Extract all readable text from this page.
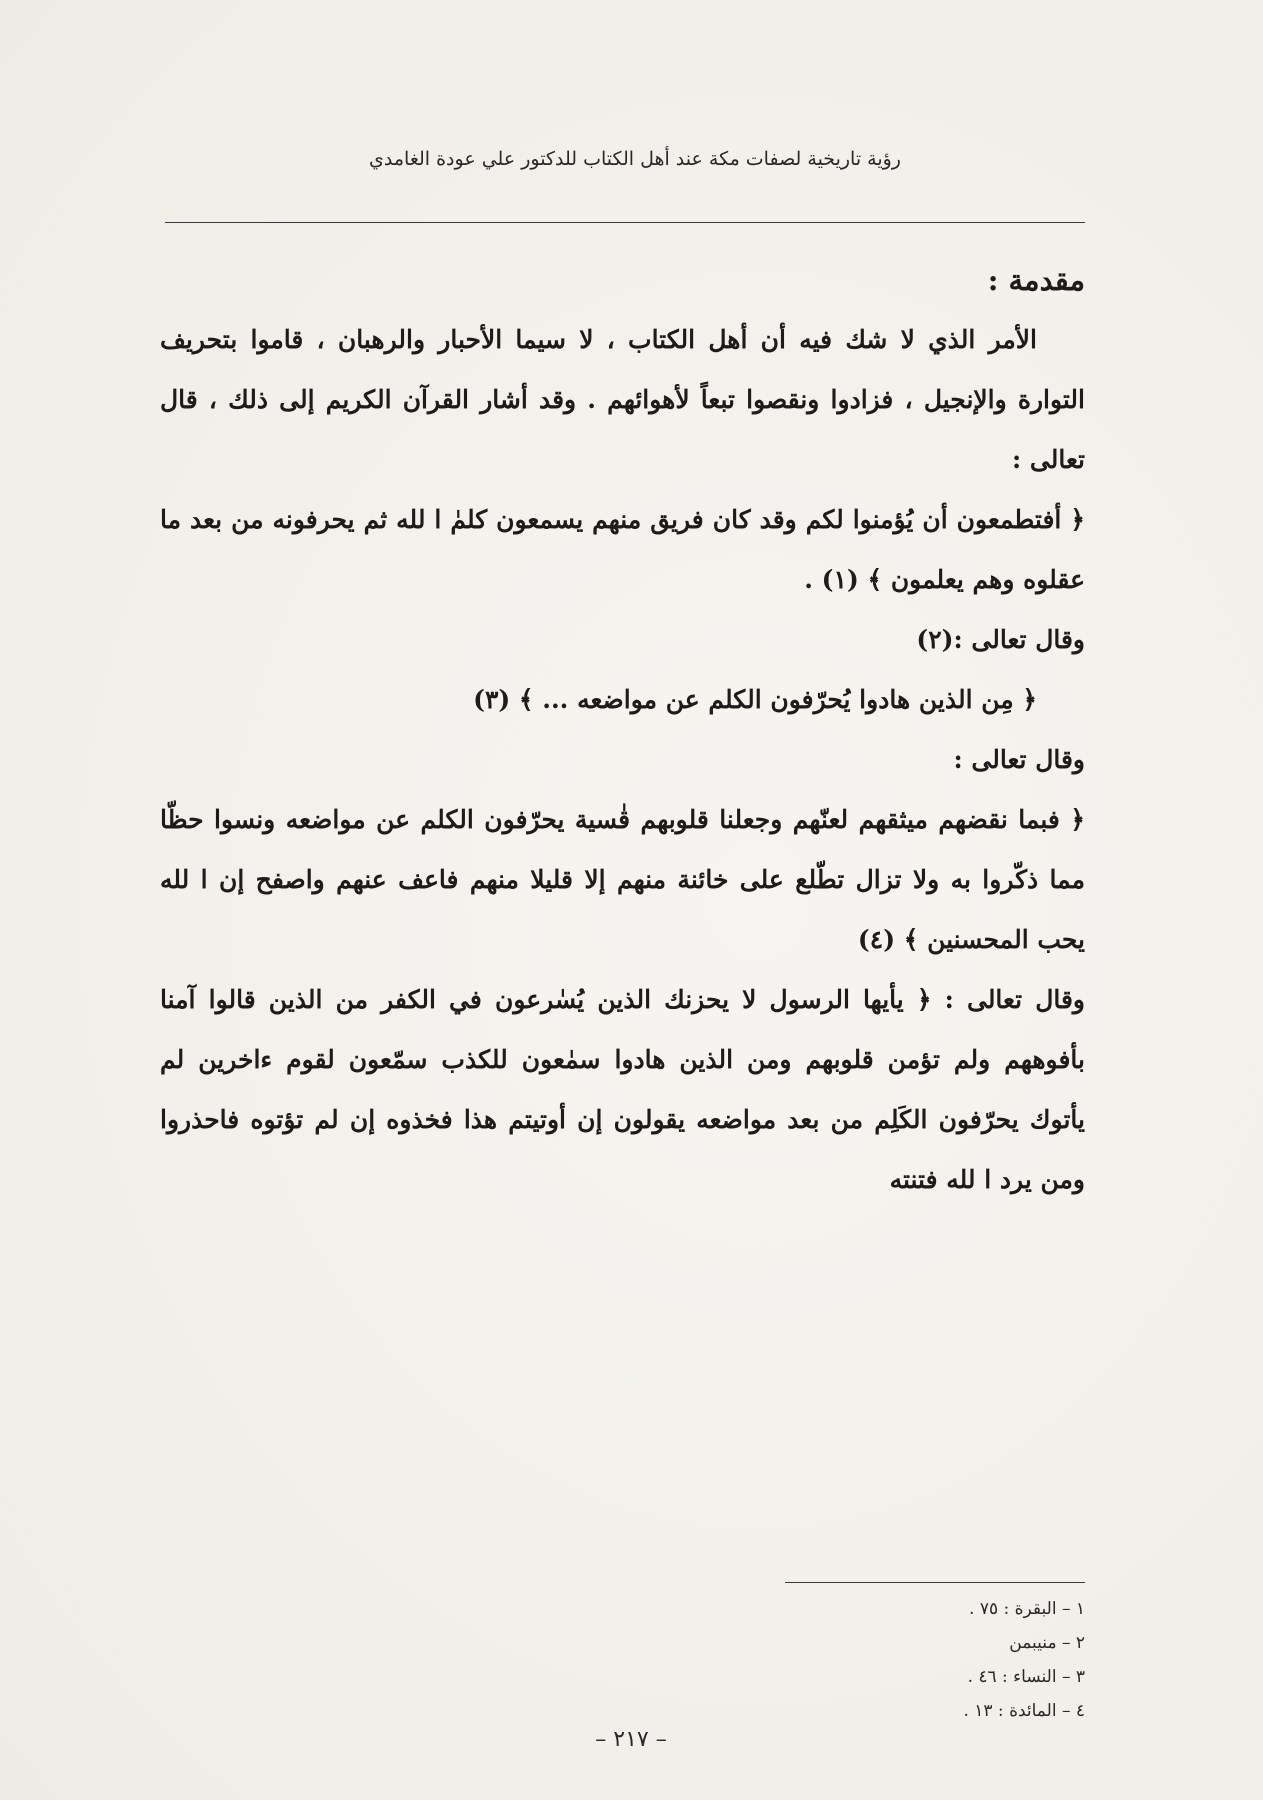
رؤية تاريخية لصفات مكة عند أهل الكتاب للدكتور علي عودة الغامدي

مقدمة :

الأمر الذي لا شك فيه أن أهل الكتاب ، لا سيما الأحبار والرهبان ، قاموا بتحريف التوارة والإنجيل ، فزادوا ونقصوا تبعاً لأهوائهم . وقد أشار القرآن الكريم إلى ذلك ، قال تعالى :

﴿ أفتطمعون أن يُؤمنوا لكم وقد كان فريق منهم يسمعون كلمٰ ا لله ثم يحرفونه من بعد ما عقلوه وهم يعلمون ﴾ (١) .

وقال تعالى :(٢)

﴿ مِن الذين هادوا يُحرّفون الكلم عن مواضعه ... ﴾ (٣)

وقال تعالى :

﴿ فبما نقضهم ميثقهم لعنّهم وجعلنا قلوبهم قٰسية يحرّفون الكلم عن مواضعه ونسوا حظّا مما ذكّروا به ولا تزال تطّلع على خائنة منهم إلا قليلا منهم فاعف عنهم واصفح إن ا لله يحب المحسنين ﴾ (٤)

وقال تعالى : ﴿ يأيها الرسول لا يحزنك الذين يُسٰرعون في الكفر من الذين قالوا آمنا بأفوههم ولم تؤمن قلوبهم ومن الذين هادوا سمٰعون للكذب سمّعون لقوم ءاخرين لم يأتوك يحرّفون الكَلِم من بعد مواضعه يقولون إن أوتيتم هذا فخذوه إن لم تؤتوه فاحذروا ومن يرد ا لله فتنته

١ – البقرة : ٧٥ .

٢ – منيبمن

٣ – النساء : ٤٦ .

٤ – المائدة : ١٣ .

– ٢١٧ –
